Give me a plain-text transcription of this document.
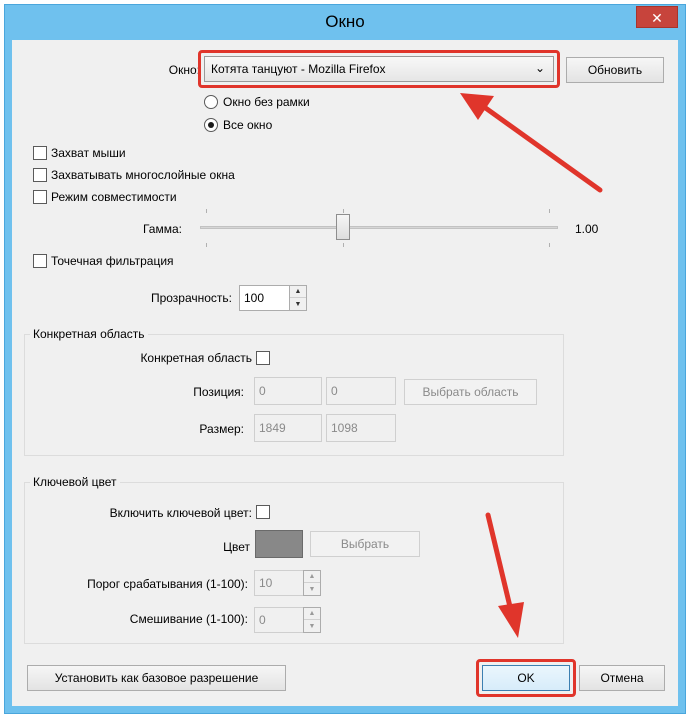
Окно	✕
Окно: Котята танцуют - Mozilla Firefox	⌄	Обновить
Окно без рамки
Все окно
Захват мыши
Захватывать многослойные окна
Режим совместимости
Гамма:	1.00
Точечная фильтрация
Прозрачность:	100	▲
▼
Конкретная область
Конкретная область
Позиция:	0	0	Выбрать область
Размер:	1849	1098
Ключевой цвет
Включить ключевой цвет:
Цвет	Выбрать
Порог срабатывания (1-100): 10	▲
▼
Смешивание (1-100): 0	▲
▼
Установить как базовое разрешение	OK	Отмена
